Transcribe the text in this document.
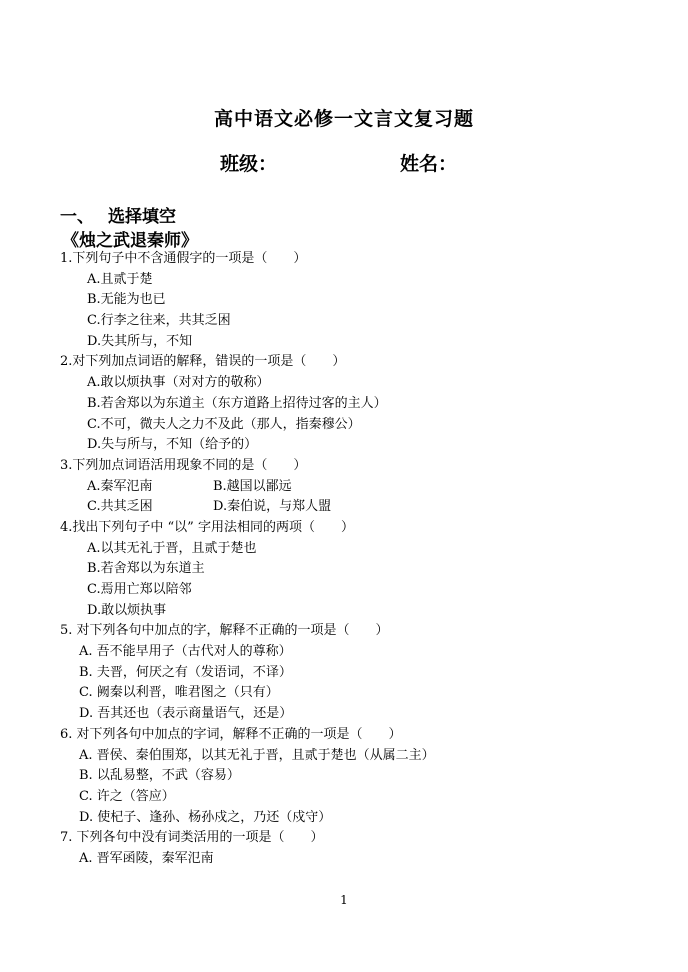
高中语文必修一文言文复习题
班级：	姓名：
一、 选择填空
《烛之武退秦师》
1.下列句子中不含通假字的一项是（　　）
A.且贰于楚
B.无能为也已
C.行李之往来，共其乏困
D.失其所与，不知
2.对下列加点词语的解释，错误的一项是（　　）
A.敢以烦执事（对对方的敬称）
B.若舍郑以为东道主（东方道路上招待过客的主人）
C.不可，微夫人之力不及此（那人，指秦穆公）
D.失与所与，不知（给予的）
3.下列加点词语活用现象不同的是（　　）
A.秦军氾南	B.越国以鄙远
C.共其乏困	D.秦伯说，与郑人盟
4.找出下列句子中 “以” 字用法相同的两项（　　）
A.以其无礼于晋，且贰于楚也
B.若舍郑以为东道主
C.焉用亡郑以陪邻
D.敢以烦执事
5. 对下列各句中加点的字，解释不正确的一项是（　　）
A. 吾不能早用子（古代对人的尊称）
B. 夫晋，何厌之有（发语词，不译）
C. 阙秦以利晋，唯君图之（只有）
D. 吾其还也（表示商量语气，还是）
6. 对下列各句中加点的字词，解释不正确的一项是（　　）
A. 晋侯、秦伯围郑，以其无礼于晋，且贰于楚也（从属二主）
B. 以乱易整，不武（容易）
C. 许之（答应）
D. 使杞子、逢孙、杨孙戍之，乃还（戍守）
7. 下列各句中没有词类活用的一项是（　　）
A. 晋军函陵，秦军氾南
1
